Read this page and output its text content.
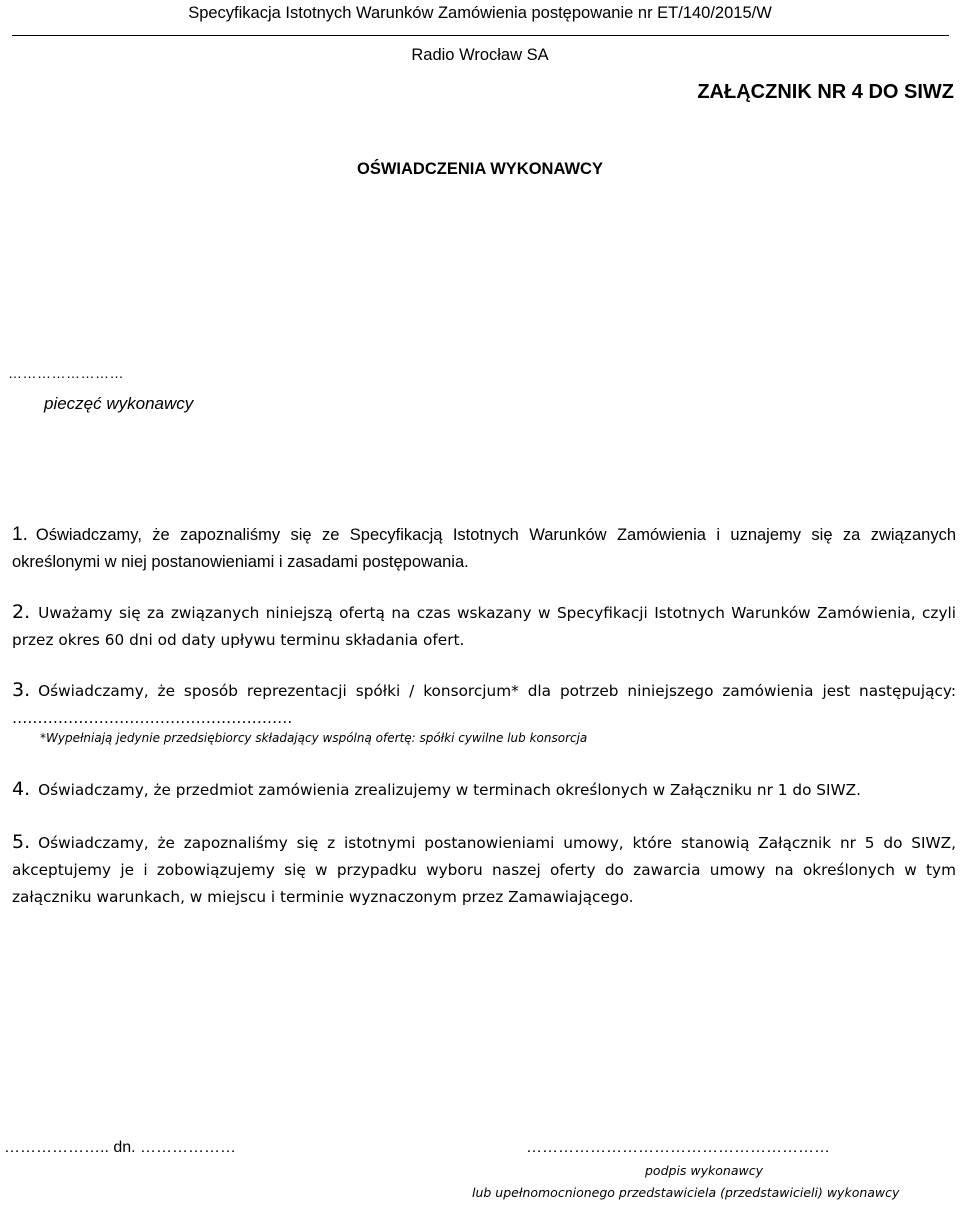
Specyfikacja Istotnych Warunków Zamówienia postępowanie nr ET/140/2015/W
Radio Wrocław SA
ZAŁĄCZNIK NR 4 DO SIWZ
OŚWIADCZENIA WYKONAWCY
……………………
pieczęć wykonawcy
1. Oświadczamy, że zapoznaliśmy się ze Specyfikacją Istotnych Warunków Zamówienia i uznajemy się za związanych określonymi w niej postanowieniami i zasadami postępowania.
2. Uważamy się za związanych niniejszą ofertą na czas wskazany w Specyfikacji Istotnych Warunków Zamówienia, czyli przez okres 60 dni od daty upływu terminu składania ofert.
3. Oświadczamy, że sposób reprezentacji spółki / konsorcjum* dla potrzeb niniejszego zamówienia jest następujący: ……………………………………………….
*Wypełniają jedynie przedsiębiorcy składający wspólną ofertę: spółki cywilne lub konsorcja
4. Oświadczamy, że przedmiot zamówienia zrealizujemy w terminach określonych w Załączniku nr 1 do SIWZ.
5. Oświadczamy, że zapoznaliśmy się z istotnymi postanowieniami umowy, które stanowią Załącznik nr 5 do SIWZ, akceptujemy je i zobowiązujemy się w przypadku wyboru naszej oferty do zawarcia umowy na określonych w tym załączniku warunkach, w miejscu i terminie wyznaczonym przez Zamawiającego.
……………….. dn. ………………	…………………………………………………
podpis wykonawcy
lub upełnomocnionego przedstawiciela (przedstawicieli) wykonawcy
